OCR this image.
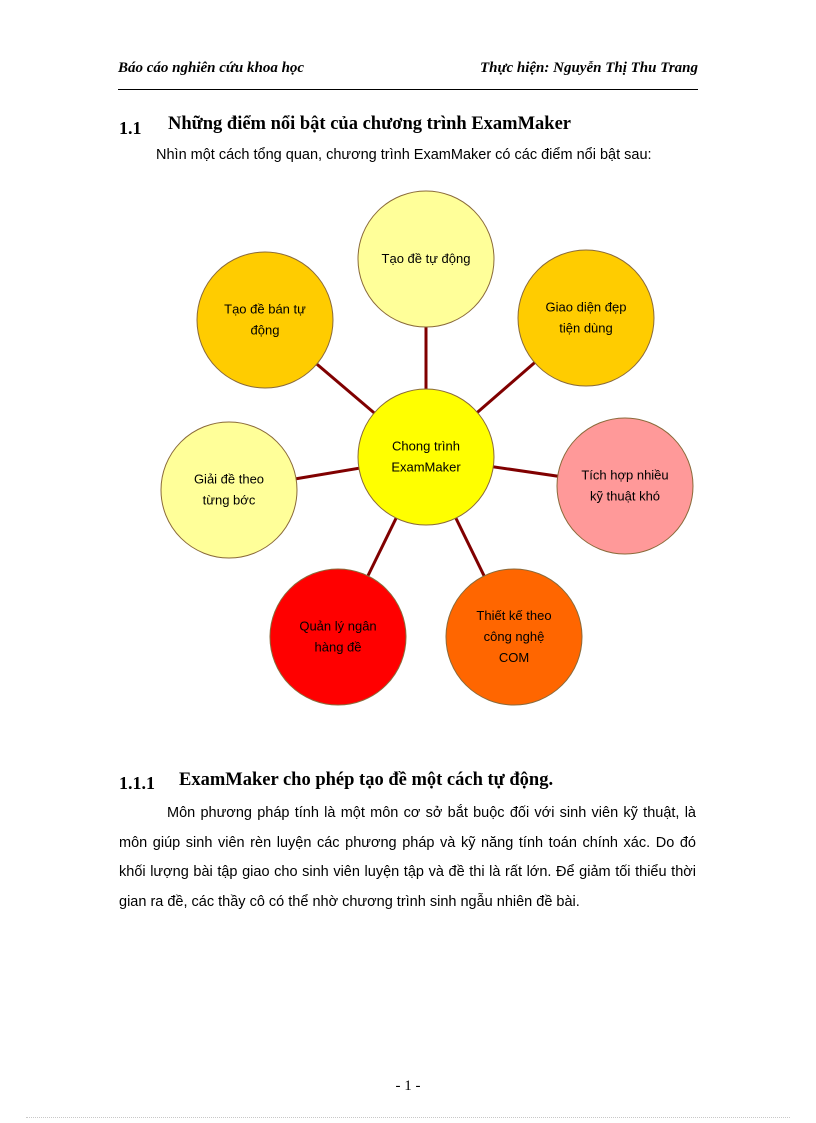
Báo cáo nghiên cứu khoa học	Thực hiện: Nguyễn Thị Thu Trang
1.1 Những điểm nổi bật của chương trình ExamMaker
Nhìn một cách tổng quan, chương trình ExamMaker có các điểm nổi bật sau:
Tạo đề tự động
Giao diện đẹp
tiện dùng
Tích hợp nhiều
kỹ thuật khó
Thiết kế theo
công nghệ
COM
Quản lý ngân
hàng đề
Giải đề theo
từng bớc
Tạo đề bán tự
động
Chong trình
ExamMaker
1.1.1 ExamMaker cho phép tạo đề một cách tự động.

Môn phương pháp tính là một môn cơ sở bắt buộc đối với sinh viên kỹ thuật, là môn giúp sinh viên rèn luyện các phương pháp và kỹ năng tính toán chính xác. Do đó khối lượng bài tập giao cho sinh viên luyện tập và đề thi là rất lớn. Để giảm tối thiểu thời gian ra đề, các thầy cô có thể nhờ chương trình sinh ngẫu nhiên đề bài.

- 1 -
